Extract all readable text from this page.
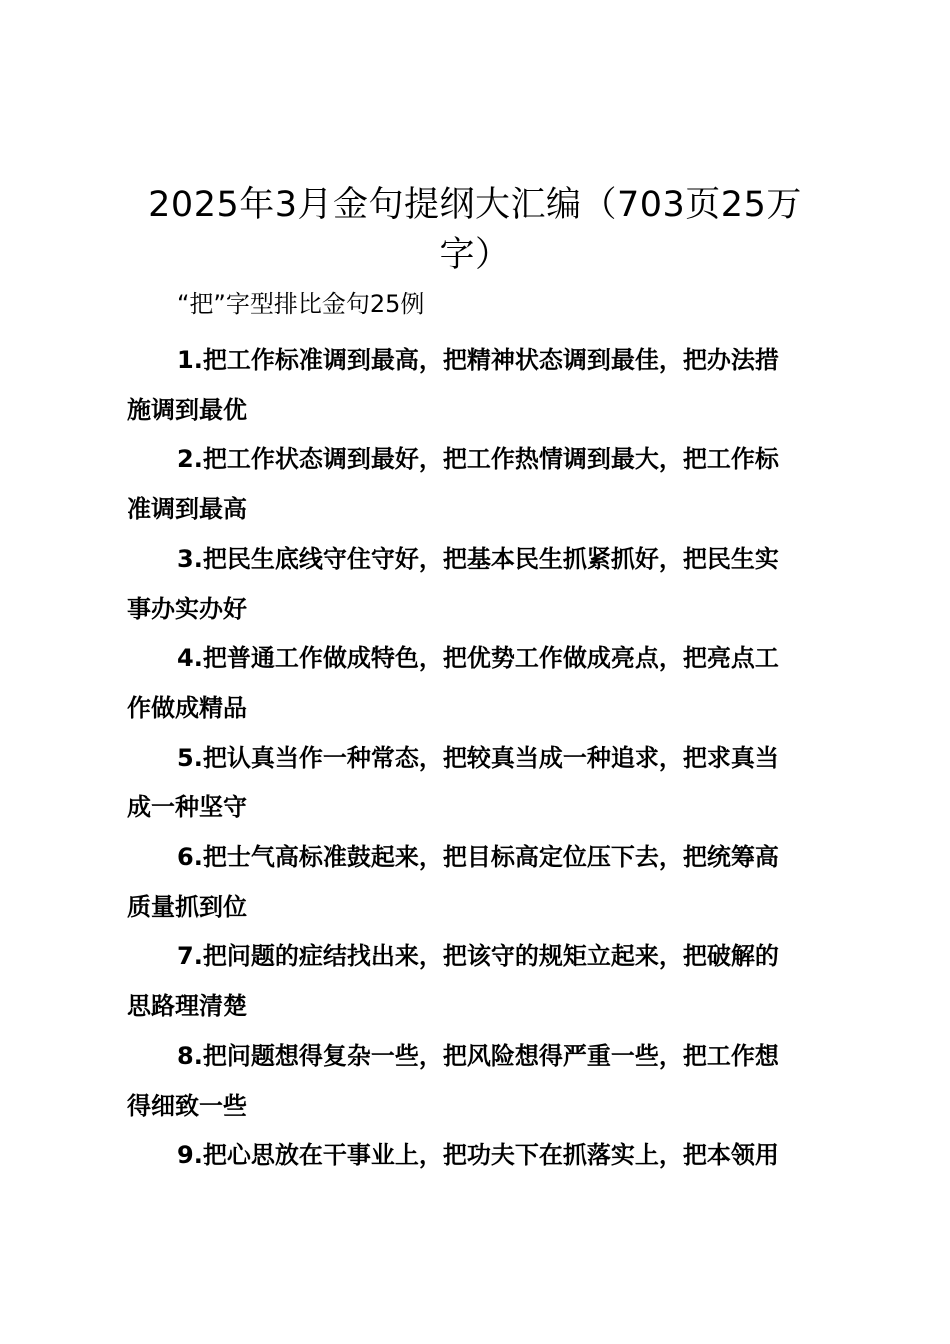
2025年3月金句提纲大汇编（703页25万
字）

“把”字型排比金句25例

1.把工作标准调到最高，把精神状态调到最佳，把办法措
施调到最优

2.把工作状态调到最好，把工作热情调到最大，把工作标
准调到最高

3.把民生底线守住守好，把基本民生抓紧抓好，把民生实
事办实办好

4.把普通工作做成特色，把优势工作做成亮点，把亮点工
作做成精品

5.把认真当作一种常态，把较真当成一种追求，把求真当
成一种坚守

6.把士气高标准鼓起来，把目标高定位压下去，把统筹高
质量抓到位

7.把问题的症结找出来，把该守的规矩立起来，把破解的
思路理清楚

8.把问题想得复杂一些，把风险想得严重一些，把工作想
得细致一些

9.把心思放在干事业上，把功夫下在抓落实上，把本领用
